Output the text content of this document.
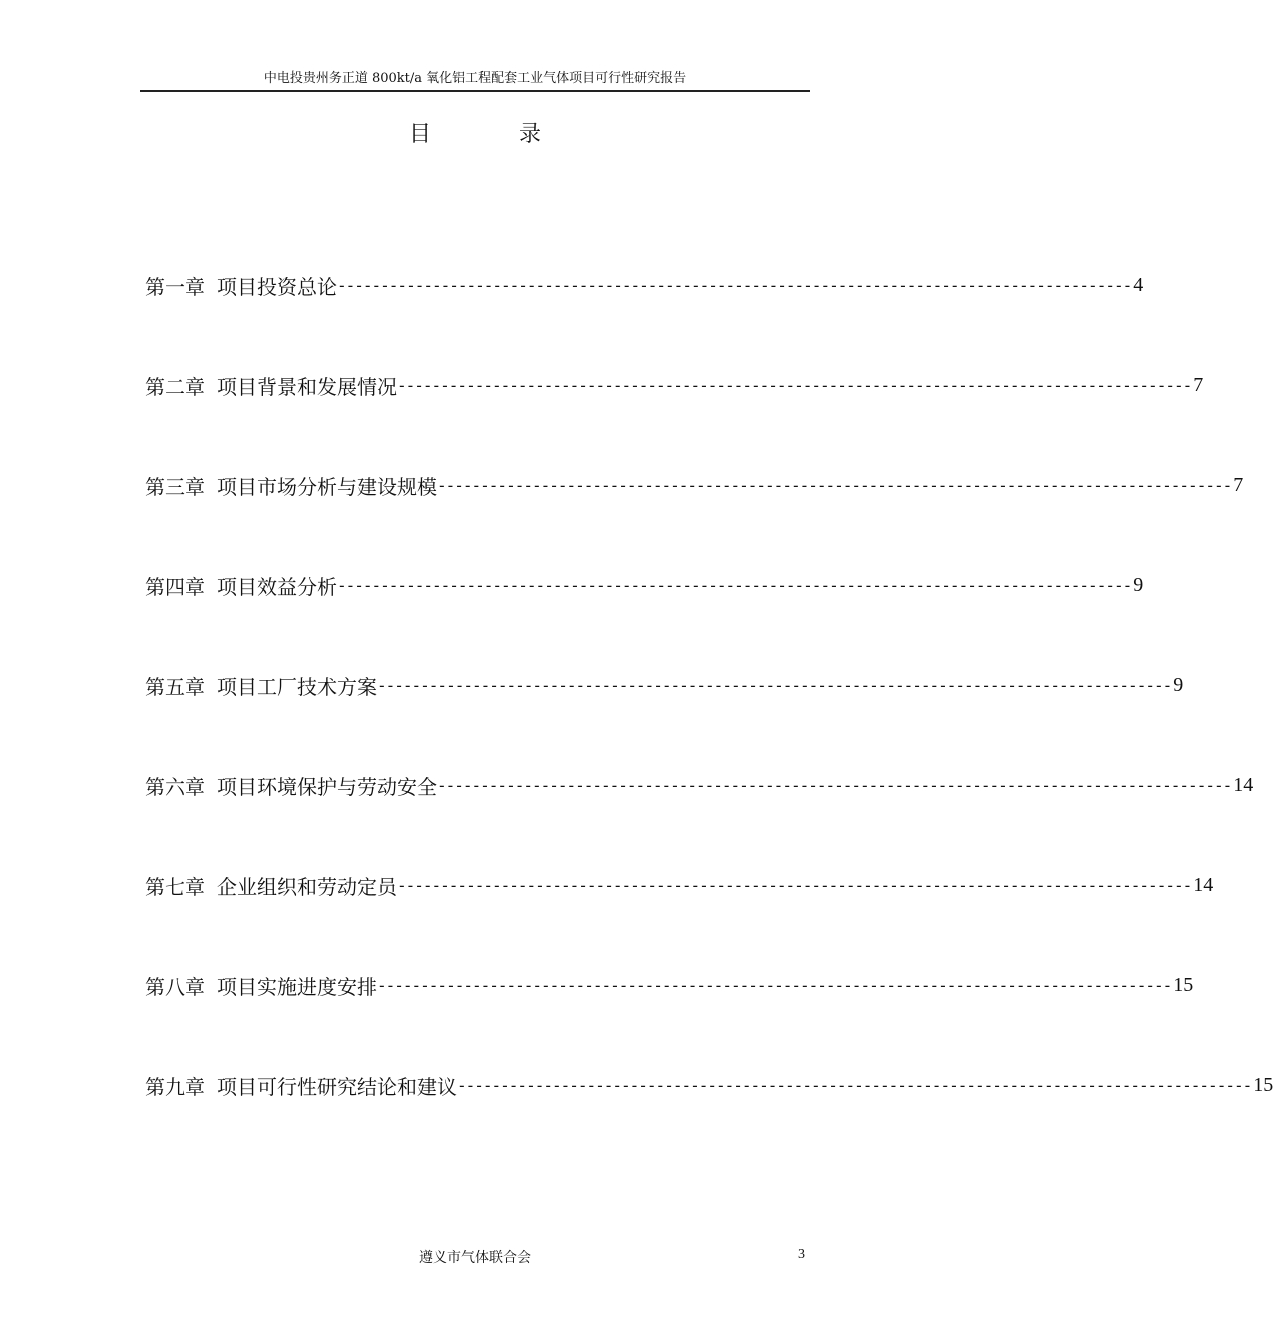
中电投贵州务正道 800kt/a 氧化铝工程配套工业气体项目可行性研究报告
目	录
第一章 项目投资总论 -------------------------------------------------------------------------------------------- 4
第二章 项目背景和发展情况 -------------------------------------------------------------------------------------------- 7
第三章 项目市场分析与建设规模 -------------------------------------------------------------------------------------------- 7
第四章 项目效益分析 -------------------------------------------------------------------------------------------- 9
第五章 项目工厂技术方案 -------------------------------------------------------------------------------------------- 9
第六章 项目环境保护与劳动安全 -------------------------------------------------------------------------------------------- 14
第七章 企业组织和劳动定员 -------------------------------------------------------------------------------------------- 14
第八章 项目实施进度安排 -------------------------------------------------------------------------------------------- 15
第九章 项目可行性研究结论和建议 -------------------------------------------------------------------------------------------- 15
遵义市气体联合会	3
